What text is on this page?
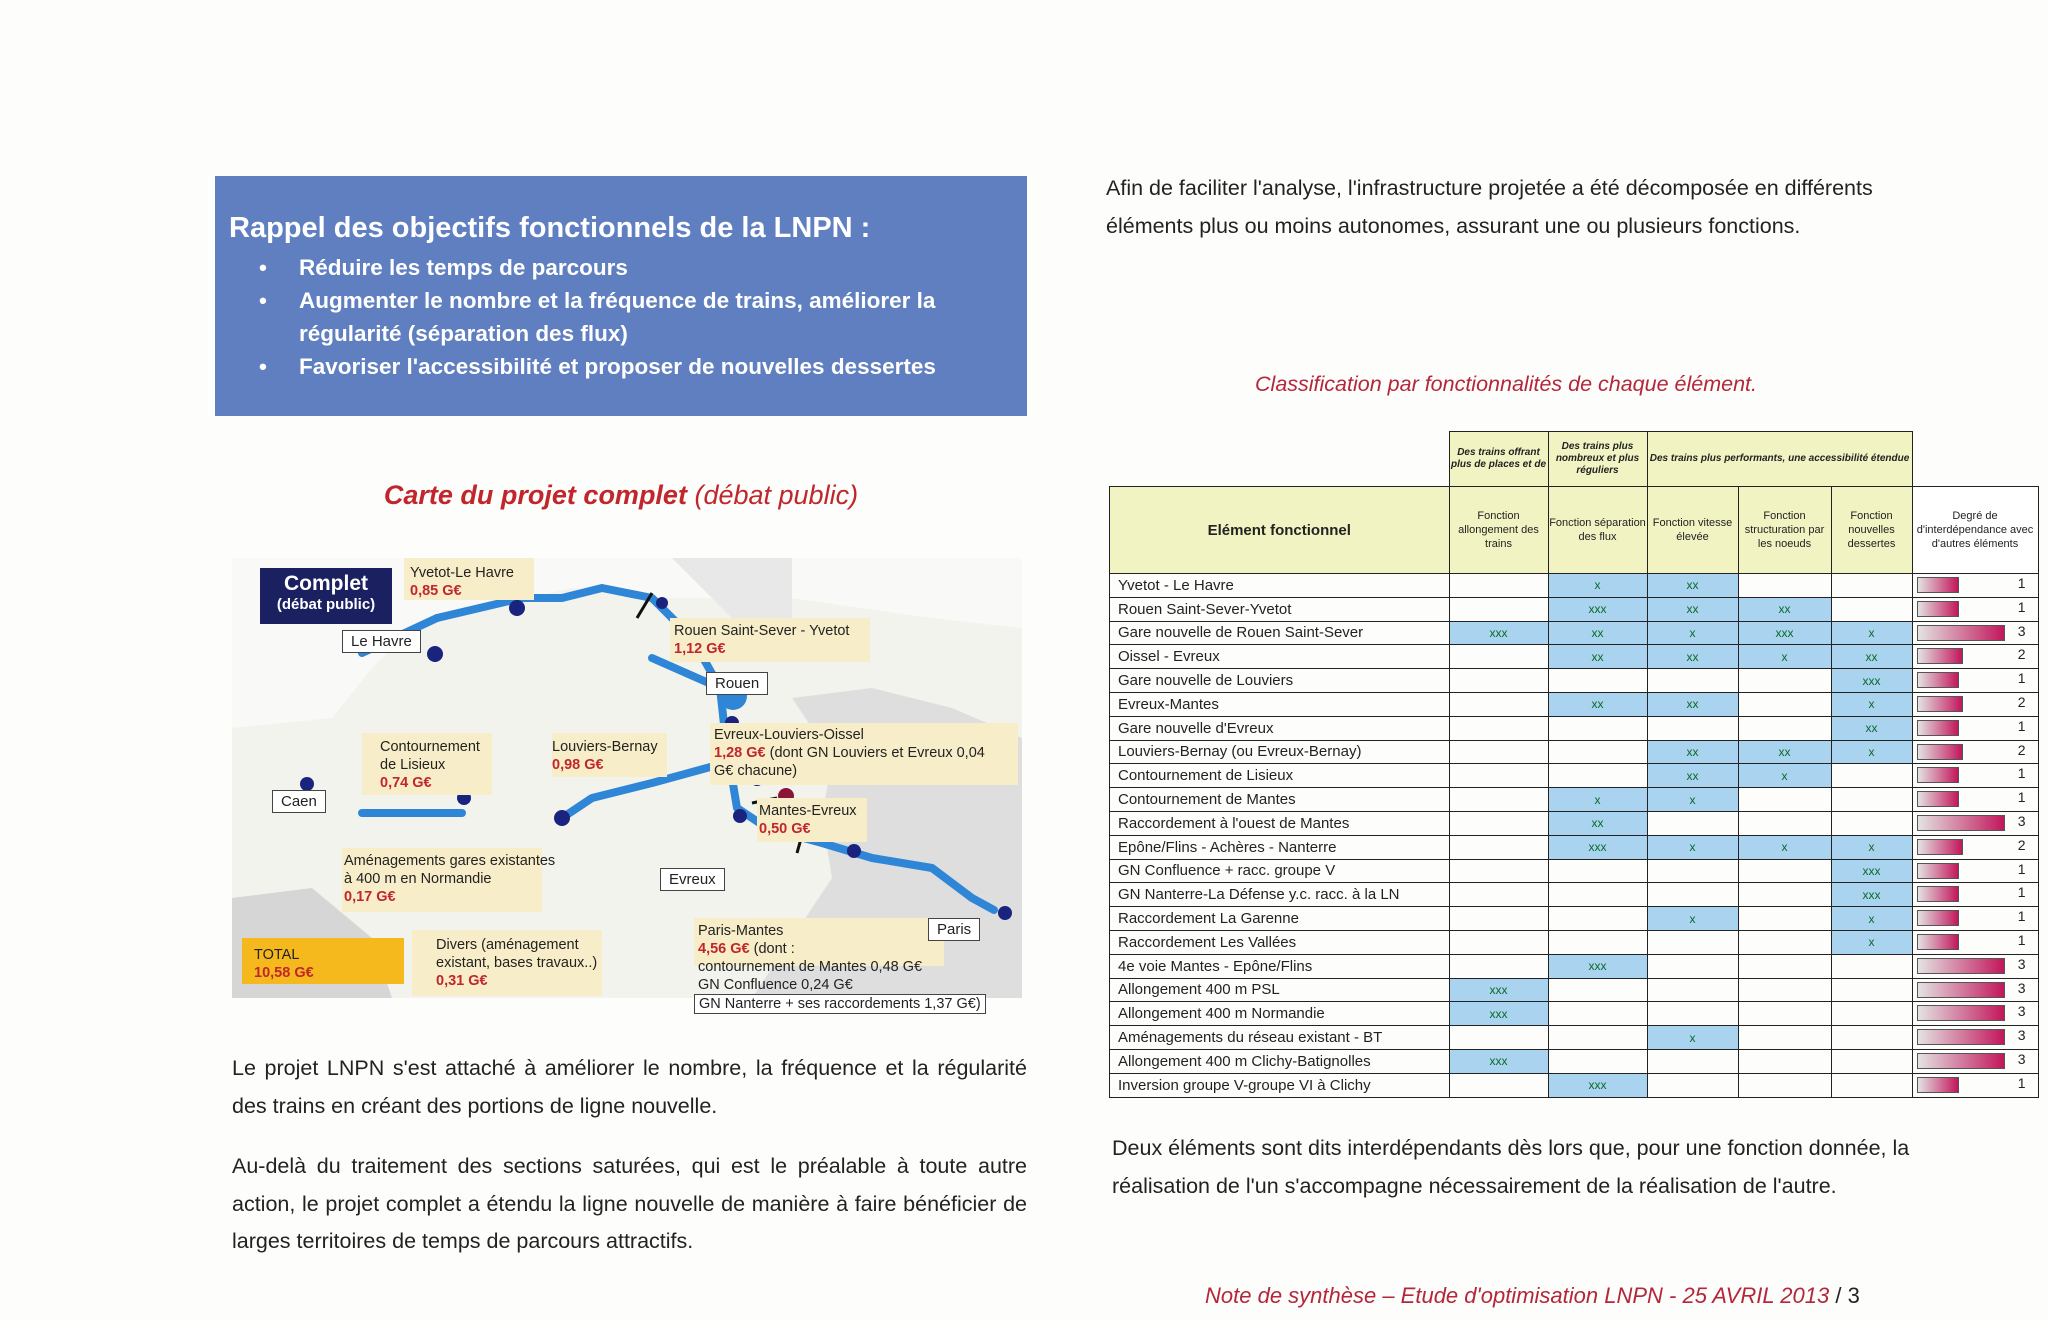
Rappel des objectifs fonctionnels de la LNPN :
• Réduire les temps de parcours
• Augmenter le nombre et la fréquence de trains, améliorer la régularité (séparation des flux)
• Favoriser l'accessibilité et proposer de nouvelles dessertes
Carte du projet complet (débat public)
Complet
(débat public)
Yvetot-Le Havre
0,85 G€
Rouen Saint-Sever - Yvetot
1,12 G€
Contournement
de Lisieux
0,74 G€
Louviers-Bernay
0,98 G€
Evreux-Louviers-Oissel
1,28 G€ (dont GN Louviers et Evreux 0,04
G€ chacune)
Mantes-Evreux
0,50 G€
Aménagements gares existantes
à 400 m en Normandie
0,17 G€
TOTAL
10,58 G€
Divers (aménagement
existant, bases travaux..)
0,31 G€
Paris-Mantes
4,56 G€ (dont :
contournement de Mantes 0,48 G€
GN Confluence 0,24 G€
GN Nanterre + ses raccordements 1,37 G€)
Le Havre
Rouen
Caen
Evreux
Paris
Le projet LNPN s'est attaché à améliorer le nombre, la fréquence et la régularité des trains en créant des portions de ligne nouvelle.
Au-delà du traitement des sections saturées, qui est le préalable à toute autre action, le projet complet a étendu la ligne nouvelle de manière à faire bénéficier de larges territoires de temps de parcours attractifs.
Afin de faciliter l'analyse, l'infrastructure projetée a été décomposée en différents éléments plus ou moins autonomes, assurant une ou plusieurs fonctions.
Classification par fonctionnalités de chaque élément.
	Des trains offrant plus de places et de	Des trains plus nombreux et plus réguliers	Des trains plus performants, une accessibilité étendue			
Elément fonctionnel	Fonction allongement des trains	Fonction séparation des flux	Fonction vitesse élevée	Fonction structuration par les noeuds	Fonction nouvelles dessertes	Degré de d'interdépendance avec d'autres éléments
Yvetot - Le Havre		x	xx			1

Rouen Saint-Sever-Yvetot		xxx	xx	xx		1

Gare nouvelle de Rouen Saint-Sever	xxx	xx	x	xxx	x	3

Oissel - Evreux		xx	xx	x	xx	2

Gare nouvelle de Louviers					xxx	1

Evreux-Mantes		xx	xx		x	2

Gare nouvelle d'Evreux					xx	1

Louviers-Bernay (ou Evreux-Bernay)			xx	xx	x	2

Contournement de Lisieux			xx	x		1

Contournement de Mantes		x	x			1

Raccordement à l'ouest de Mantes		xx				3

Epône/Flins - Achères - Nanterre		xxx	x	x	x	2

GN Confluence + racc. groupe V					xxx	1

GN Nanterre-La Défense y.c. racc. à la LN					xxx	1

Raccordement La Garenne			x		x	1

Raccordement Les Vallées					x	1

4e voie Mantes - Epône/Flins		xxx				3

Allongement 400 m PSL	xxx					3

Allongement 400 m Normandie	xxx					3

Aménagements du réseau existant - BT			x			3

Allongement 400 m Clichy-Batignolles	xxx					3

Inversion groupe V-groupe VI à Clichy		xxx				1
Deux éléments sont dits interdépendants dès lors que, pour une fonction donnée, la réalisation de l'un s'accompagne nécessairement de la réalisation de l'autre.
Note de synthèse – Etude d'optimisation LNPN - 25 AVRIL 2013 / 3
